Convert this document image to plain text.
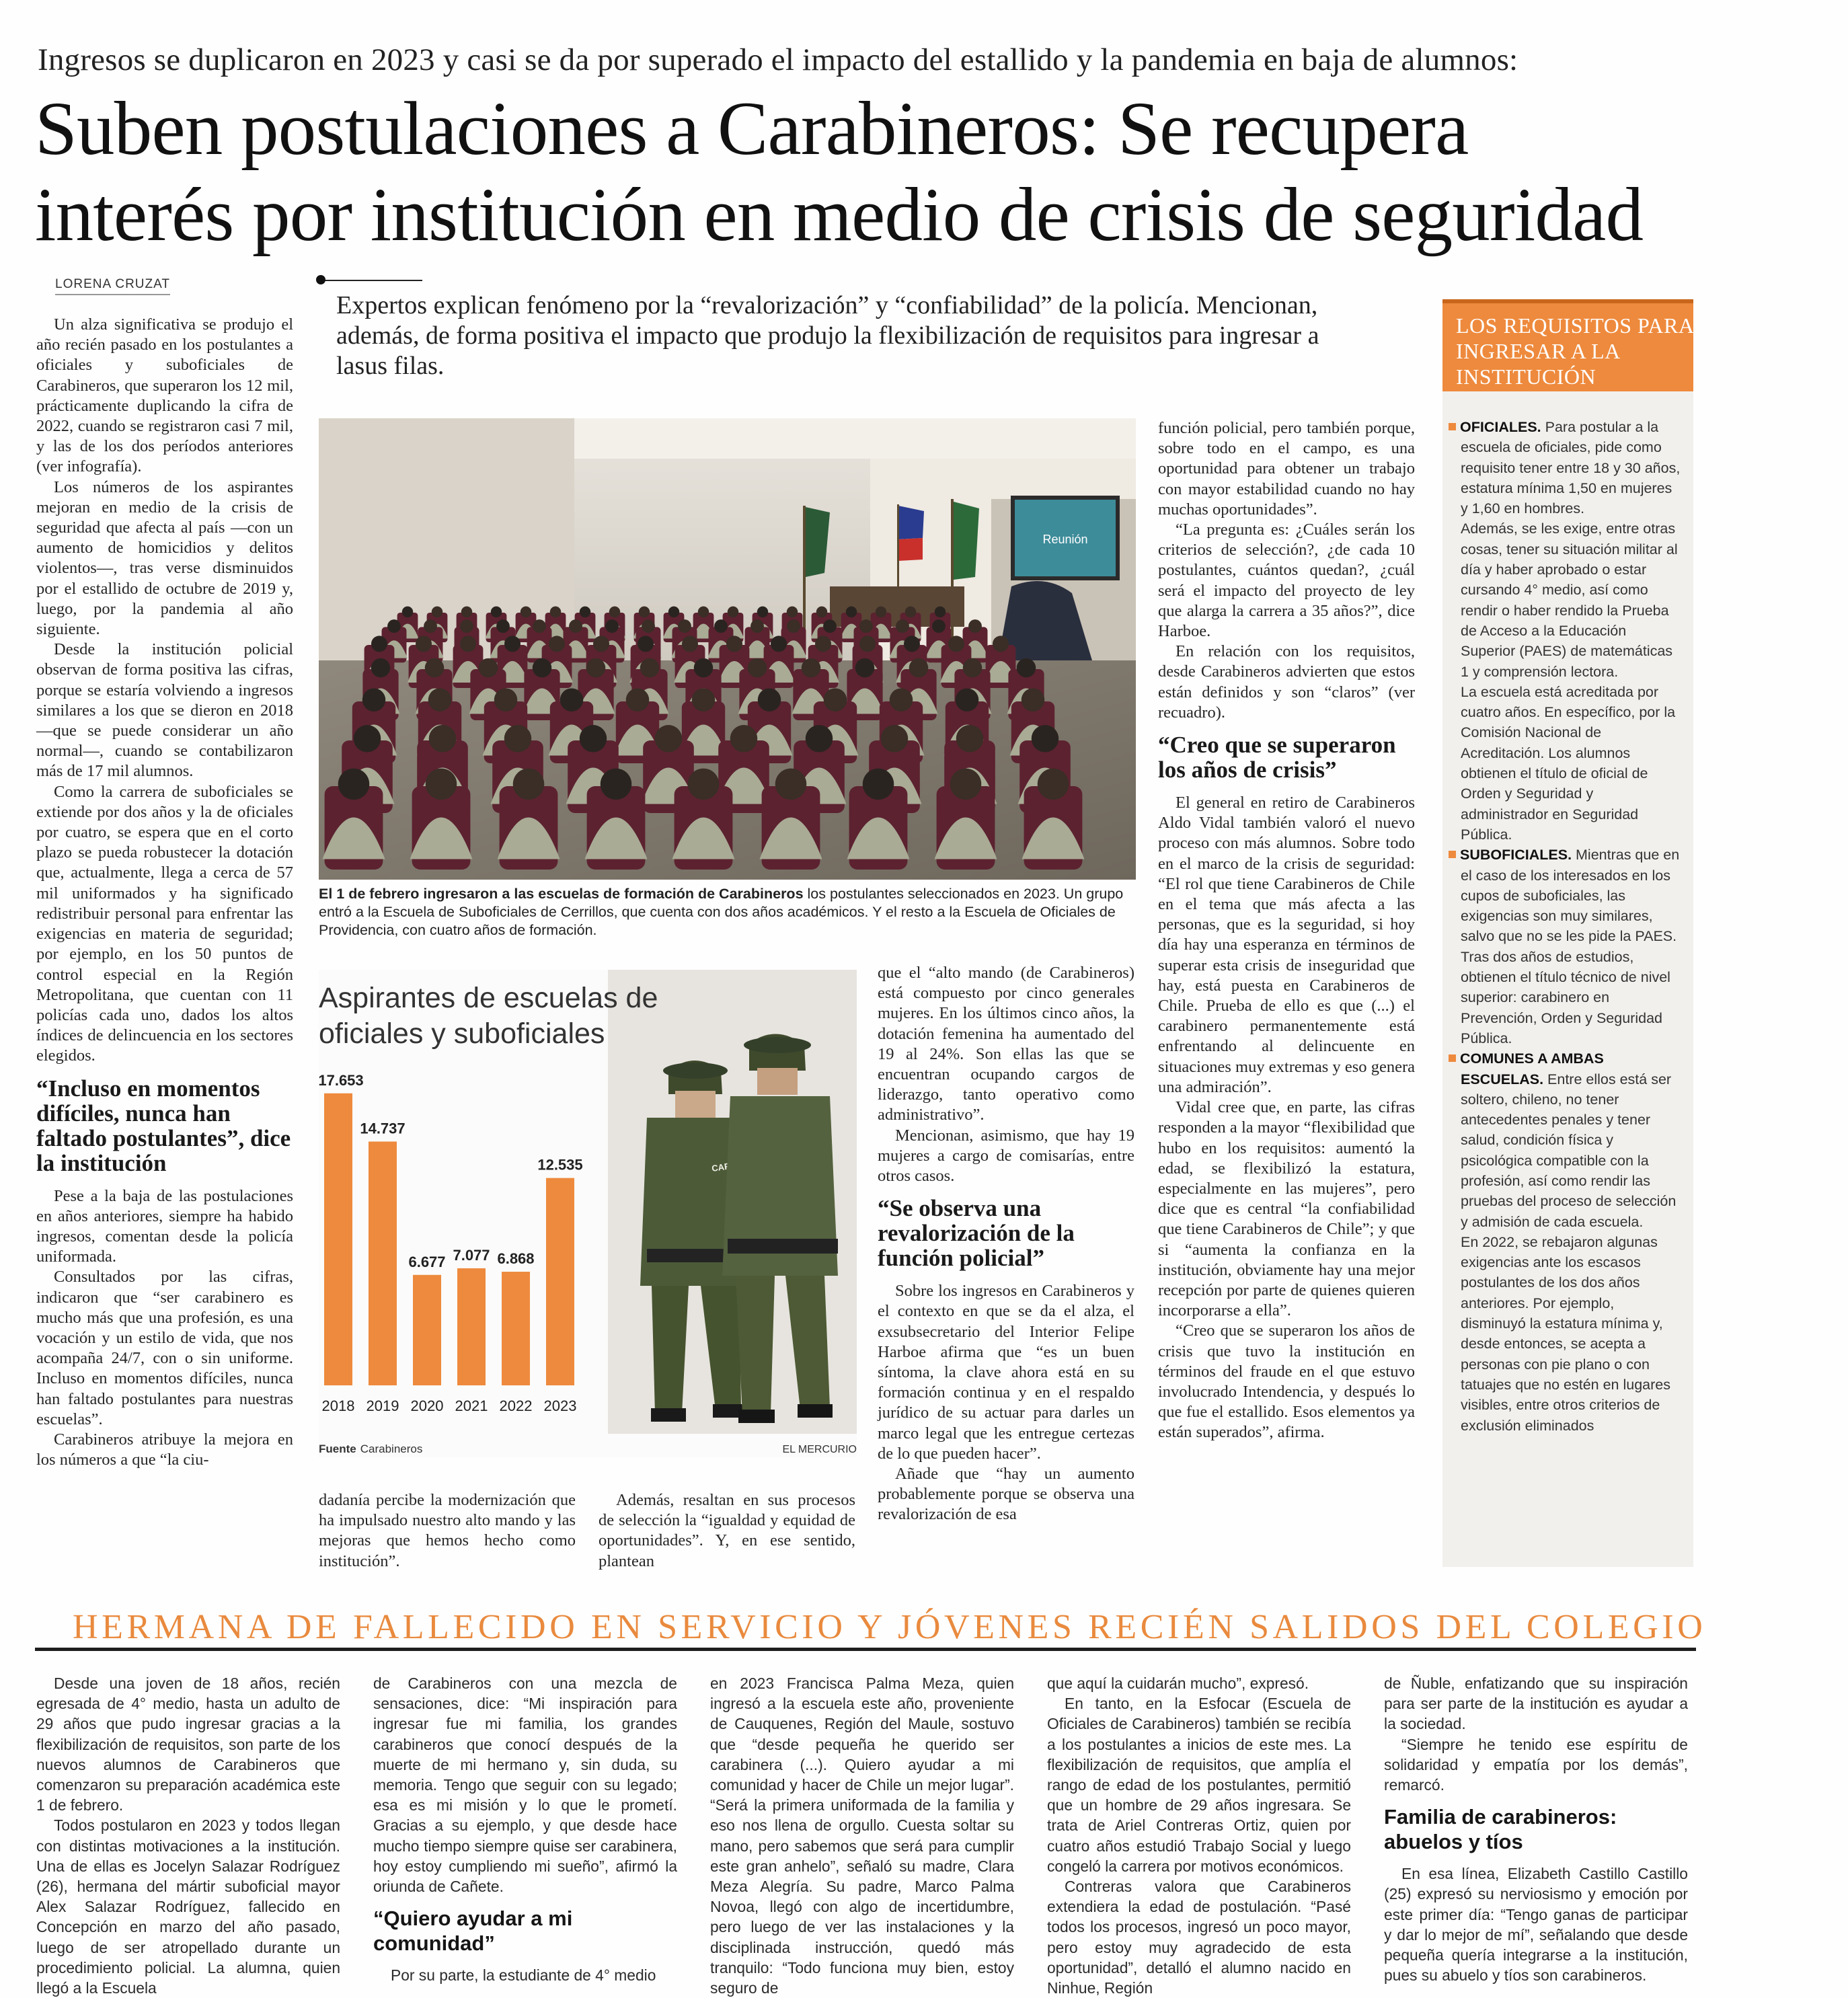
Ingresos se duplicaron en 2023 y casi se da por superado el impacto del estallido y la pandemia en baja de alumnos:
Suben postulaciones a Carabineros: Se recupera
interés por institución en medio de crisis de seguridad
LORENA CRUZAT
Expertos explican fenómeno por la “revalorización” y “confiabilidad” de la policía. Mencionan, además, de forma positiva el impacto que produjo la flexibilización de requisitos para ingresar a lasus filas.

Un alza significativa se produjo el año recién pasado en los postulantes a oficiales y suboficiales de Carabineros, que superaron los 12 mil, prácticamente duplicando la cifra de 2022, cuando se registraron casi 7 mil, y las de los dos períodos anteriores (ver infografía).

Los números de los aspirantes mejoran en medio de la crisis de seguridad que afecta al país —con un aumento de homicidios y delitos violentos—, tras verse disminuidos por el estallido de octubre de 2019 y, luego, por la pandemia al año siguiente.

Desde la institución policial observan de forma positiva las cifras, porque se estaría volviendo a ingresos similares a los que se dieron en 2018 —que se puede considerar un año normal—, cuando se contabilizaron más de 17 mil alumnos.

Como la carrera de suboficiales se extiende por dos años y la de oficiales por cuatro, se espera que en el corto plazo se pueda robustecer la dotación que, actualmente, llega a cerca de 57 mil uniformados y ha significado redistribuir personal para enfrentar las exigencias en materia de seguridad; por ejemplo, en los 50 puntos de control especial en la Región Metropolitana, que cuentan con 11 policías cada uno, dados los altos índices de delincuencia en los sectores elegidos.

“Incluso en momentos difíciles, nunca han faltado postulantes”, dice la institución

Pese a la baja de las postulaciones en años anteriores, siempre ha habido ingresos, comentan desde la policía uniformada.

Consultados por las cifras, indicaron que “ser carabinero es mucho más que una profesión, es una vocación y un estilo de vida, que nos acompaña 24/7, con o sin uniforme. Incluso en momentos difíciles, nunca han faltado postulantes para nuestras escuelas”.

Carabineros atribuye la mejora en los números a que “la ciu-

Reunión
El 1 de febrero ingresaron a las escuelas de formación de Carabineros los postulantes seleccionados en 2023. Un grupo entró a la Escuela de Suboficiales de Cerrillos, que cuenta con dos años académicos. Y el resto a la Escuela de Oficiales de Providencia, con cuatro años de formación.
17.653
14.737
6.677 7.077 6.868
12.535
2018 2019 2020 2021 2022 2023
Fuente Carabineros	EL MERCURIO
Aspirantes de escuelas de oficiales y suboficiales

dadanía percibe la modernización que ha impulsado nuestro alto mando y las mejoras que hemos hecho como institución”.

Además, resaltan en sus procesos de selección la “igualdad y equidad de oportunidades”. Y, en ese sentido, plantean

que el “alto mando (de Carabineros) está compuesto por cinco generales mujeres. En los últimos cinco años, la dotación femenina ha aumentado del 19 al 24%. Son ellas las que se encuentran ocupando cargos de liderazgo, tanto operativo como administrativo”.

Mencionan, asimismo, que hay 19 mujeres a cargo de comisarías, entre otros casos.

“Se observa una revalorización de la función policial”

Sobre los ingresos en Carabineros y el contexto en que se da el alza, el exsubsecretario del Interior Felipe Harboe afirma que “es un buen síntoma, la clave ahora está en su formación continua y en el respaldo jurídico de su actuar para darles un marco legal que les entregue certezas de lo que pueden hacer”.

Añade que “hay un aumento probablemente porque se observa una revalorización de esa

función policial, pero también porque, sobre todo en el campo, es una oportunidad para obtener un trabajo con mayor estabilidad cuando no hay muchas oportunidades”.

“La pregunta es: ¿Cuáles serán los criterios de selección?, ¿de cada 10 postulantes, cuántos quedan?, ¿cuál será el impacto del proyecto de ley que alarga la carrera a 35 años?”, dice Harboe.

En relación con los requisitos, desde Carabineros advierten que estos están definidos y son “claros” (ver recuadro).

“Creo que se superaron los años de crisis”

El general en retiro de Carabineros Aldo Vidal también valoró el nuevo proceso con más alumnos. Sobre todo en el marco de la crisis de seguridad: “El rol que tiene Carabineros de Chile en el tema que más afecta a las personas, que es la seguridad, si hoy día hay una esperanza en términos de superar esta crisis de inseguridad que hay, está puesta en Carabineros de Chile. Prueba de ello es que (...) el carabinero permanentemente está enfrentando al delincuente en situaciones muy extremas y eso genera una admiración”.

Vidal cree que, en parte, las cifras responden a la mayor “flexibilidad que hubo en los requisitos: aumentó la edad, se flexibilizó la estatura, especialmente en las mujeres”, pero dice que es central “la confiabilidad que tiene Carabineros de Chile”; y que si “aumenta la confianza en la institución, obviamente hay una mejor recepción por parte de quienes quieren incorporarse a ella”.

“Creo que se superaron los años de crisis que tuvo la institución en términos del fraude en el que estuvo involucrado Intendencia, y después lo que fue el estallido. Esos elementos ya están superados”, afirma.

LOS REQUISITOS PARA INGRESAR A LA INSTITUCIÓN

OFICIALES. Para postular a la escuela de oficiales, pide como requisito tener entre 18 y 30 años, estatura mínima 1,50 en mujeres y 1,60 en hombres.

Además, se les exige, entre otras cosas, tener su situación militar al día y haber aprobado o estar cursando 4° medio, así como rendir o haber rendido la Prueba de Acceso a la Educación Superior (PAES) de matemáticas 1 y comprensión lectora.

La escuela está acreditada por cuatro años. En específico, por la Comisión Nacional de Acreditación. Los alumnos obtienen el título de oficial de Orden y Seguridad y administrador en Seguridad Pública.

SUBOFICIALES. Mientras que en el caso de los interesados en los cupos de suboficiales, las exigencias son muy similares, salvo que no se les pide la PAES.

Tras dos años de estudios, obtienen el título técnico de nivel superior: carabinero en Prevención, Orden y Seguridad Pública.

COMUNES A AMBAS ESCUELAS. Entre ellos está ser soltero, chileno, no tener antecedentes penales y tener salud, condición física y psicológica compatible con la profesión, así como rendir las pruebas del proceso de selección y admisión de cada escuela.

En 2022, se rebajaron algunas exigencias ante los escasos postulantes de los dos años anteriores. Por ejemplo, disminuyó la estatura mínima y, desde entonces, se acepta a personas con pie plano o con tatuajes que no estén en lugares visibles, entre otros criterios de exclusión eliminados

HERMANA DE FALLECIDO EN SERVICIO Y JÓVENES RECIÉN SALIDOS DEL COLEGIO

Desde una joven de 18 años, recién egresada de 4° medio, hasta un adulto de 29 años que pudo ingresar gracias a la flexibilización de requisitos, son parte de los nuevos alumnos de Carabineros que comenzaron su preparación académica este 1 de febrero.

Todos postularon en 2023 y todos llegan con distintas motivaciones a la institución. Una de ellas es Jocelyn Salazar Rodríguez (26), hermana del mártir suboficial mayor Alex Salazar Rodríguez, fallecido en Concepción en marzo del año pasado, luego de ser atropellado durante un procedimiento policial. La alumna, quien llegó a la Escuela

de Carabineros con una mezcla de sensaciones, dice: “Mi inspiración para ingresar fue mi familia, los grandes carabineros que conocí después de la muerte de mi hermano y, sin duda, su memoria. Tengo que seguir con su legado; esa es mi misión y lo que le prometí. Gracias a su ejemplo, y que desde hace mucho tiempo siempre quise ser carabinera, hoy estoy cumpliendo mi sueño”, afirmó la oriunda de Cañete.

“Quiero ayudar a mi comunidad”

Por su parte, la estudiante de 4° medio

en 2023 Francisca Palma Meza, quien ingresó a la escuela este año, proveniente de Cauquenes, Región del Maule, sostuvo que “desde pequeña he querido ser carabinera (...). Quiero ayudar a mi comunidad y hacer de Chile un mejor lugar”. “Será la primera uniformada de la familia y eso nos llena de orgullo. Cuesta soltar su mano, pero sabemos que será para cumplir este gran anhelo”, señaló su madre, Clara Meza Alegría. Su padre, Marco Palma Novoa, llegó con algo de incertidumbre, pero luego de ver las instalaciones y la disciplinada instrucción, quedó más tranquilo: “Todo funciona muy bien, estoy seguro de

que aquí la cuidarán mucho”, expresó.

En tanto, en la Esfocar (Escuela de Oficiales de Carabineros) también se recibía a los postulantes a inicios de este mes. La flexibilización de requisitos, que amplía el rango de edad de los postulantes, permitió que un hombre de 29 años ingresara. Se trata de Ariel Contreras Ortiz, quien por cuatro años estudió Trabajo Social y luego congeló la carrera por motivos económicos.

Contreras valora que Carabineros extendiera la edad de postulación. “Pasé todos los procesos, ingresó un poco mayor, pero estoy muy agradecido de esta oportunidad”, detalló el alumno nacido en Ninhue, Región

de Ñuble, enfatizando que su inspiración para ser parte de la institución es ayudar a la sociedad.

“Siempre he tenido ese espíritu de solidaridad y empatía por los demás”, remarcó.

Familia de carabineros: abuelos y tíos

En esa línea, Elizabeth Castillo Castillo (25) expresó su nerviosismo y emoción por este primer día: “Tengo ganas de participar y dar lo mejor de mí”, señalando que desde pequeña quería integrarse a la institución, pues su abuelo y tíos son carabineros.
